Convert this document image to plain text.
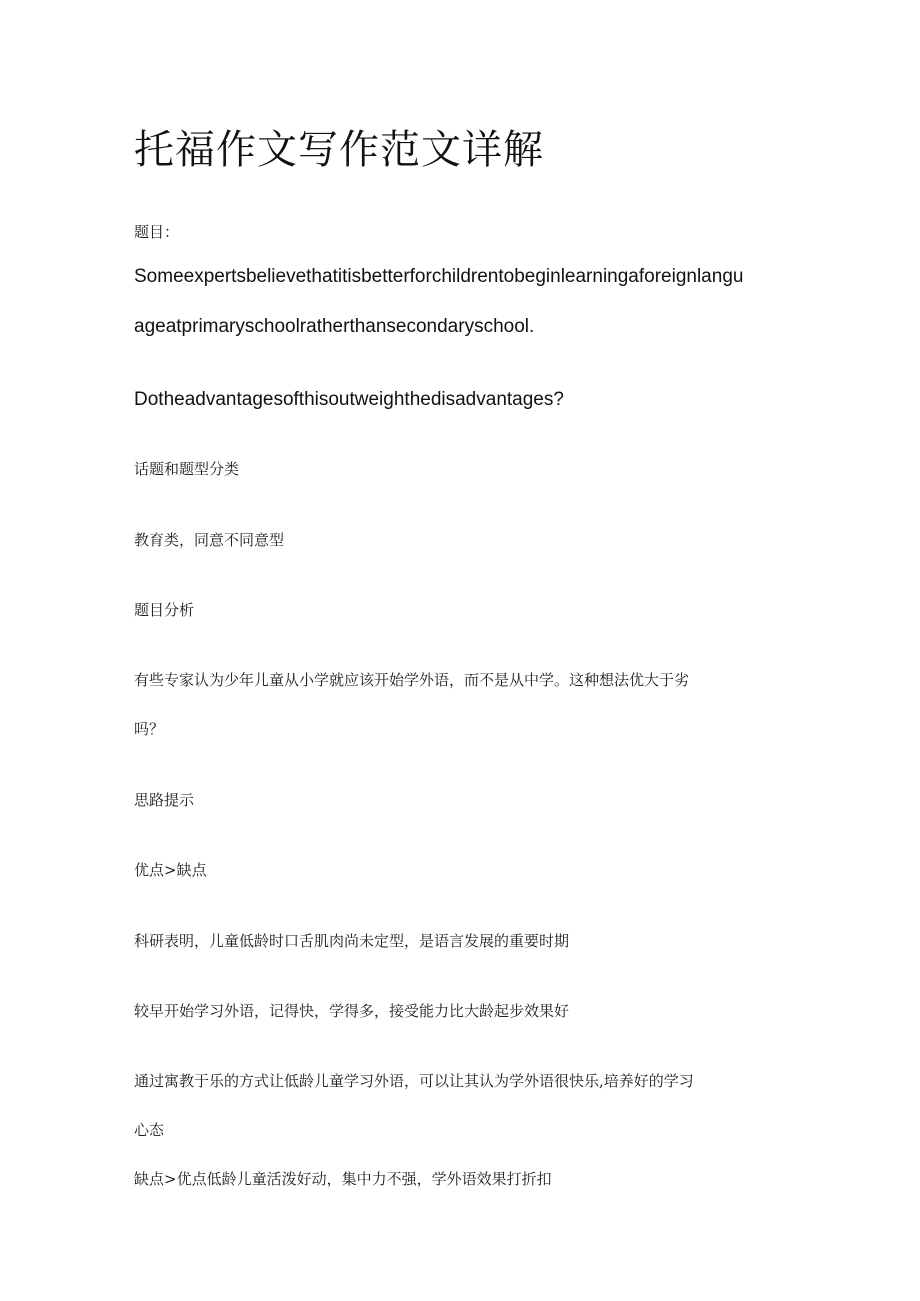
托福作文写作范文详解

题目：

Someexpertsbelievethatitisbetterforchildrentobeginlearningaforeignlangu

ageatprimaryschoolratherthansecondaryschool.

Dotheadvantagesofthisoutweighthedisadvantages?

话题和题型分类

教育类，同意不同意型

题目分析

有些专家认为少年儿童从小学就应该开始学外语，而不是从中学。这种想法优大于劣

吗？

思路提示

优点>缺点

科研表明，儿童低龄时口舌肌肉尚未定型，是语言发展的重要时期

较早开始学习外语，记得快，学得多，接受能力比大龄起步效果好

通过寓教于乐的方式让低龄儿童学习外语，可以让其认为学外语很快乐,培养好的学习

心态

缺点>优点低龄儿童活泼好动，集中力不强，学外语效果打折扣
